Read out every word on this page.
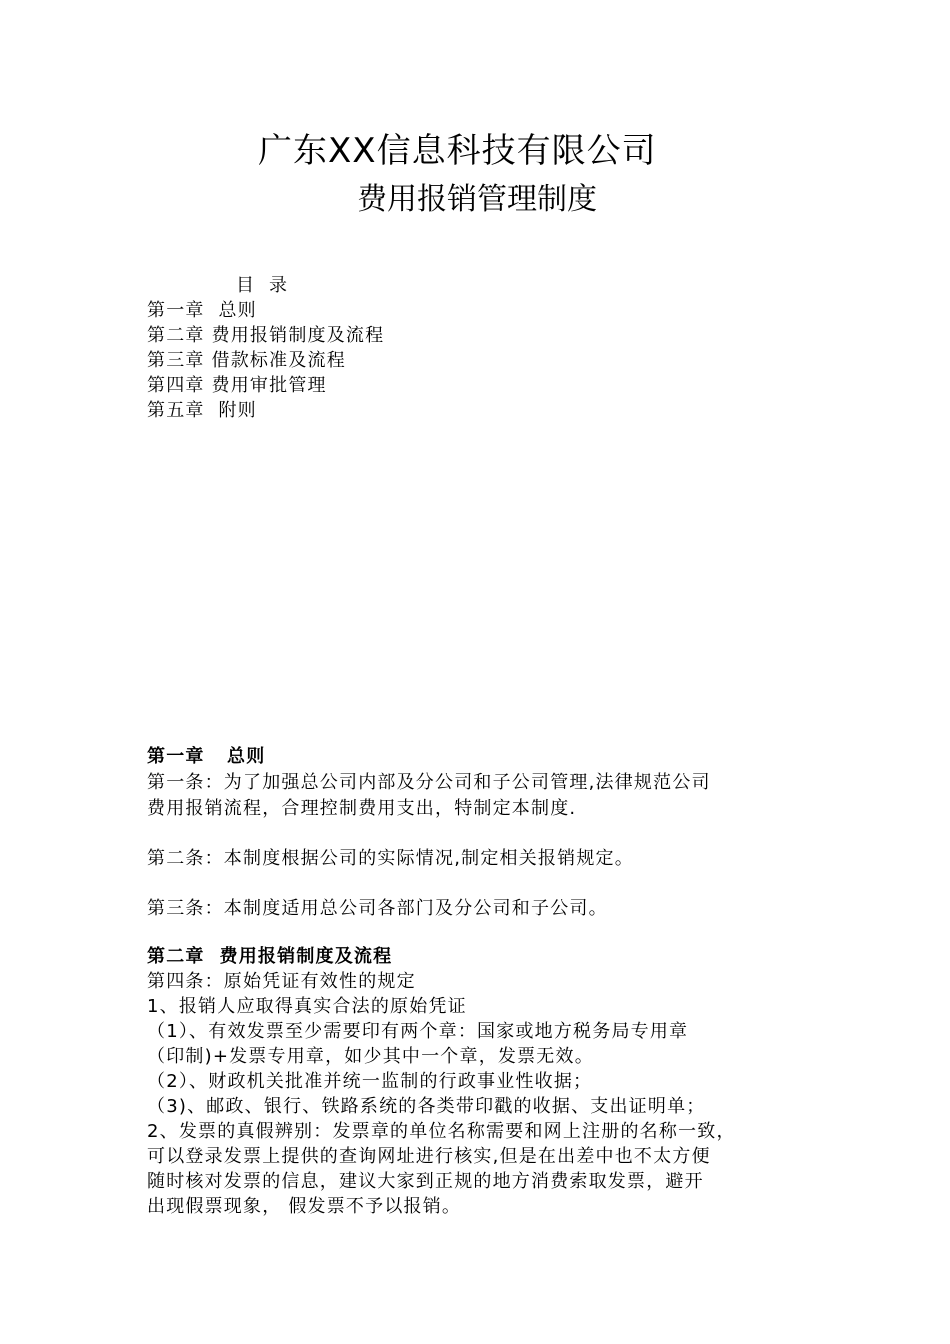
广东XX信息科技有限公司
费用报销管理制度
目  录
第一章  总则
第二章 费用报销制度及流程
第三章 借款标准及流程
第四章 费用审批管理
第五章  附则
第一章   总则
第一条：为了加强总公司内部及分公司和子公司管理,法律规范公司
费用报销流程，合理控制费用支出，特制定本制度.
第二条：本制度根据公司的实际情况,制定相关报销规定。
第三条：本制度适用总公司各部门及分公司和子公司。
第二章  费用报销制度及流程
第四条：原始凭证有效性的规定
1、报销人应取得真实合法的原始凭证
（1）、有效发票至少需要印有两个章：国家或地方税务局专用章
（印制)+发票专用章，如少其中一个章，发票无效。
（2）、财政机关批准并统一监制的行政事业性收据；
（3)、邮政、银行、铁路系统的各类带印戳的收据、支出证明单；
2、发票的真假辨别：发票章的单位名称需要和网上注册的名称一致，
可以登录发票上提供的查询网址进行核实,但是在出差中也不太方便
随时核对发票的信息，建议大家到正规的地方消费索取发票，避开
出现假票现象， 假发票不予以报销。
